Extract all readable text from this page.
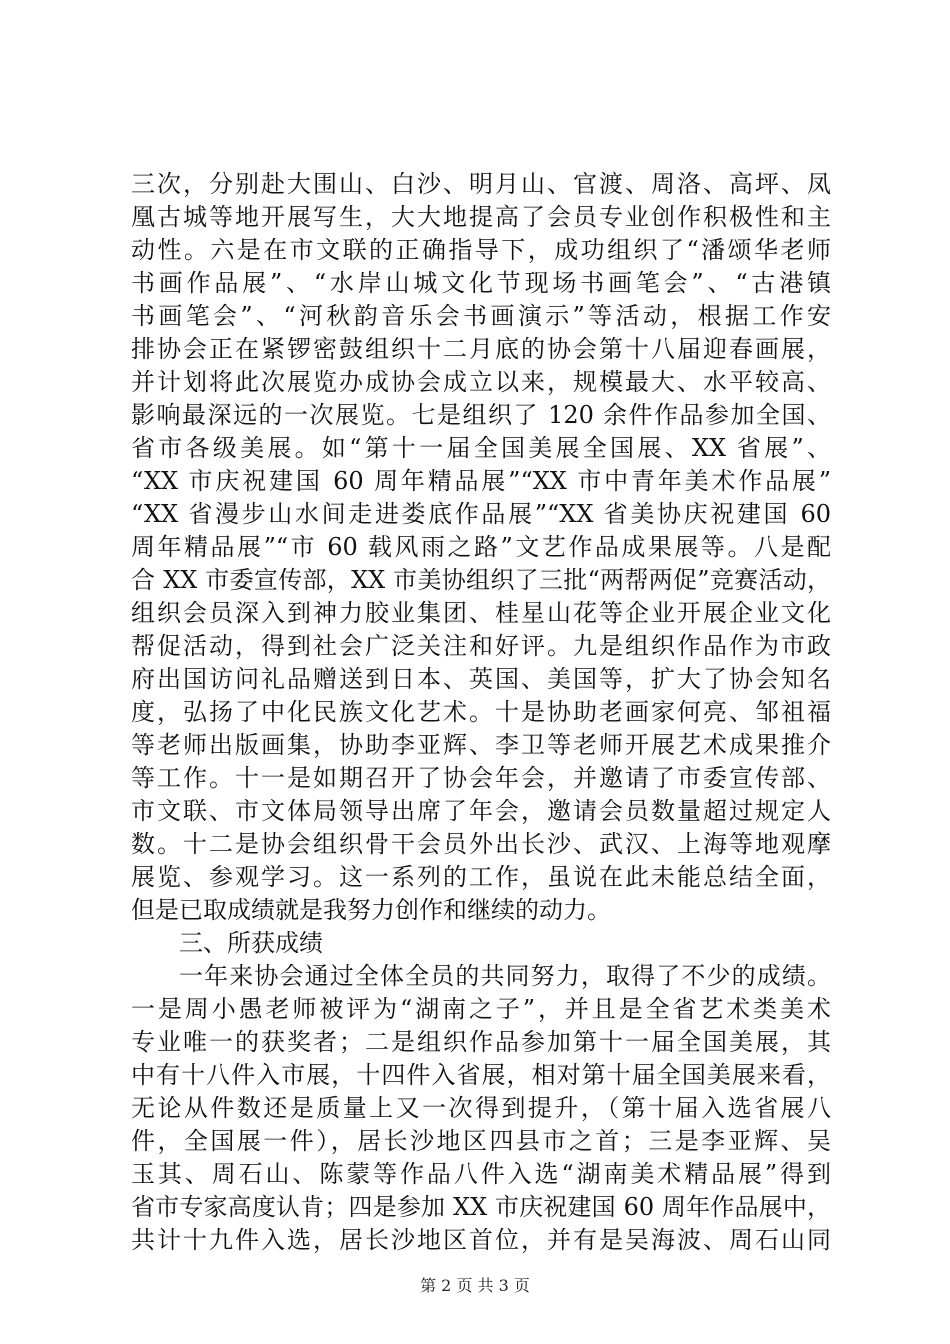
三次，分别赴大围山、白沙、明月山、官渡、周洛、高坪、凤
凰古城等地开展写生，大大地提高了会员专业创作积极性和主
动性。六是在市文联的正确指导下，成功组织了“潘颂华老师
书画作品展”、“水岸山城文化节现场书画笔会”、“古港镇
书画笔会”、“河秋韵音乐会书画演示”等活动，根据工作安
排协会正在紧锣密鼓组织十二月底的协会第十八届迎春画展，
并计划将此次展览办成协会成立以来，规模最大、水平较高、
影响最深远的一次展览。七是组织了 120 余件作品参加全国、
省市各级美展。如“第十一届全国美展全国展、XX 省展”、
“XX 市庆祝建国 60 周年精品展”“XX 市中青年美术作品展”
“XX 省漫步山水间走进娄底作品展”“XX 省美协庆祝建国 60
周年精品展”“市 60 载风雨之路”文艺作品成果展等。八是配
合 XX 市委宣传部，XX 市美协组织了三批“两帮两促”竞赛活动，
组织会员深入到神力胶业集团、桂星山花等企业开展企业文化
帮促活动，得到社会广泛关注和好评。九是组织作品作为市政
府出国访问礼品赠送到日本、英国、美国等，扩大了协会知名
度，弘扬了中化民族文化艺术。十是协助老画家何亮、邹祖福
等老师出版画集，协助李亚辉、李卫等老师开展艺术成果推介
等工作。十一是如期召开了协会年会，并邀请了市委宣传部、
市文联、市文体局领导出席了年会，邀请会员数量超过规定人
数。十二是协会组织骨干会员外出长沙、武汉、上海等地观摩
展览、参观学习。这一系列的工作，虽说在此未能总结全面，
但是已取成绩就是我努力创作和继续的动力。
三、所获成绩
一年来协会通过全体全员的共同努力，取得了不少的成绩。
一是周小愚老师被评为“湖南之子”，并且是全省艺术类美术
专业唯一的获奖者；二是组织作品参加第十一届全国美展，其
中有十八件入市展，十四件入省展，相对第十届全国美展来看，
无论从件数还是质量上又一次得到提升，（第十届入选省展八
件，全国展一件），居长沙地区四县市之首；三是李亚辉、吴
玉其、周石山、陈蒙等作品八件入选“湖南美术精品展”得到
省市专家高度认肯；四是参加 XX 市庆祝建国 60 周年作品展中，
共计十九件入选，居长沙地区首位，并有是吴海波、周石山同
第 2 页 共 3 页
